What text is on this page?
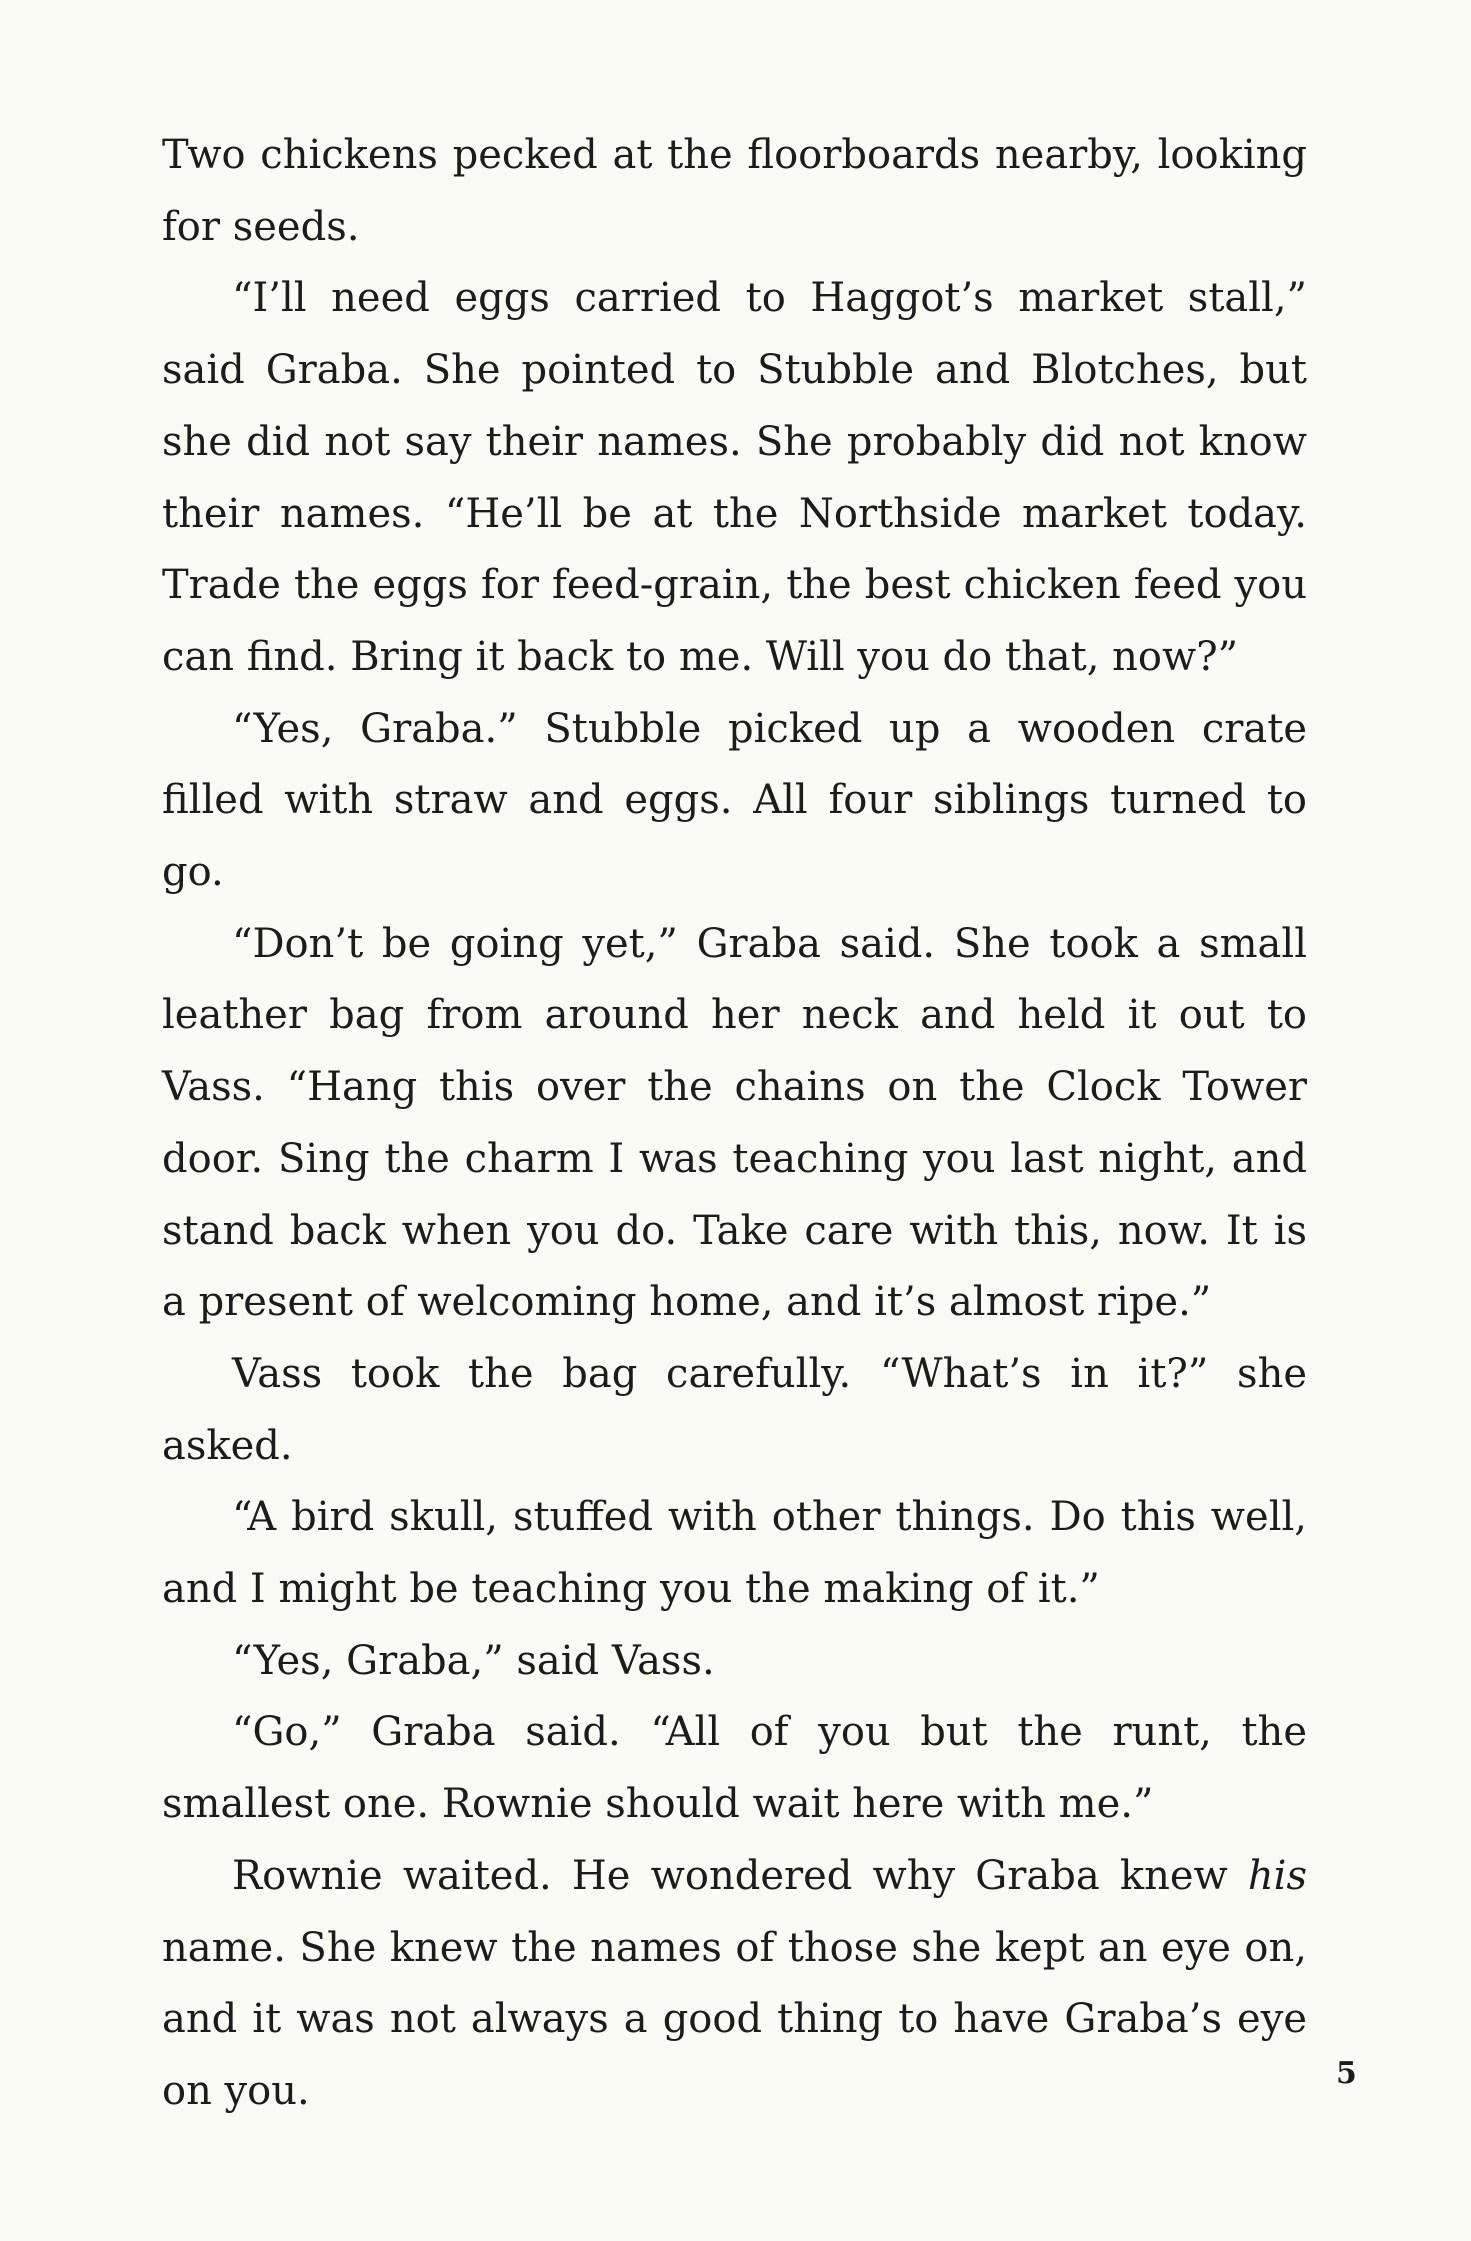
Two chickens pecked at the floorboards nearby, looking for seeds.

“I’ll need eggs carried to Haggot’s market stall,” said Graba. She pointed to Stubble and Blotches, but she did not say their names. She probably did not know their names. “He’ll be at the Northside market today. Trade the eggs for feed-grain, the best chicken feed you can find. Bring it back to me. Will you do that, now?”

“Yes, Graba.” Stubble picked up a wooden crate filled with straw and eggs. All four siblings turned to go.

“Don’t be going yet,” Graba said. She took a small leather bag from around her neck and held it out to Vass. “Hang this over the chains on the Clock Tower door. Sing the charm I was teaching you last night, and stand back when you do. Take care with this, now. It is a present of welcoming home, and it’s almost ripe.”

Vass took the bag carefully. “What’s in it?” she asked.

“A bird skull, stuffed with other things. Do this well, and I might be teaching you the making of it.”

“Yes, Graba,” said Vass.

“Go,” Graba said. “All of you but the runt, the smallest one. Rownie should wait here with me.”

Rownie waited. He wondered why Graba knew his name. She knew the names of those she kept an eye on, and it was not always a good thing to have Graba’s eye on you.	5
